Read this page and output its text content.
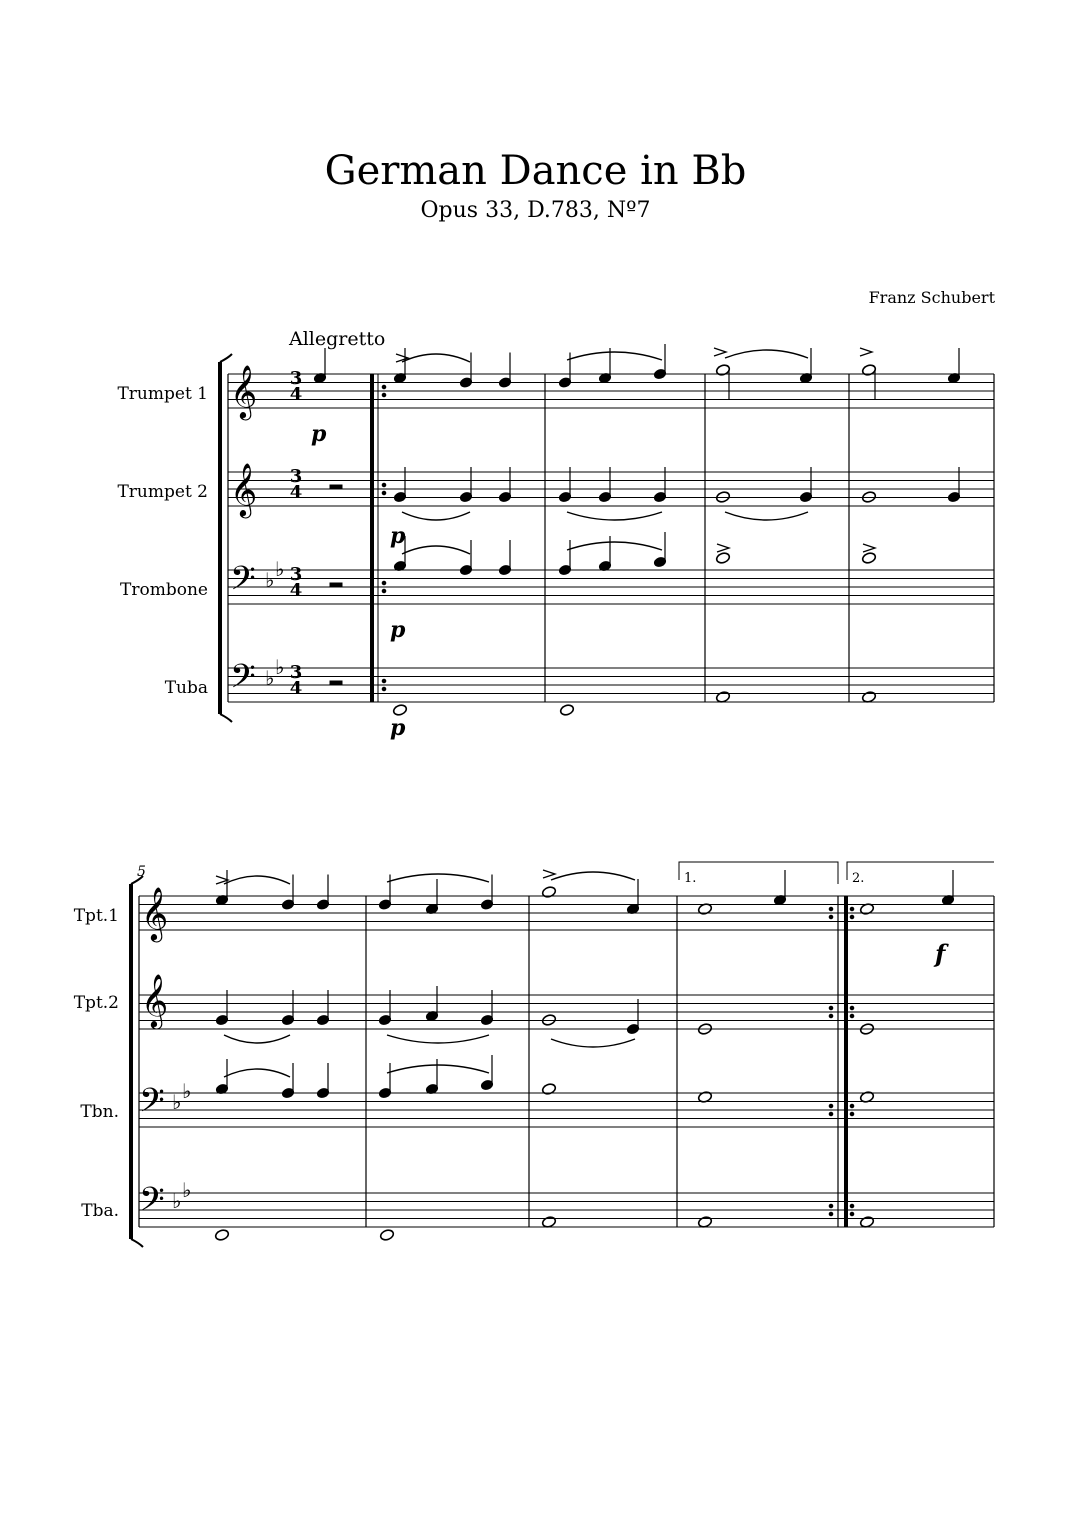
German Dance in Bb
Opus 33, D.783, Nº7
Franz Schubert
Allegretto
Trumpet 1
Trumpet 2
Trombone
Tuba
Tpt.1
Tpt.2
Tbn.
Tba.
5	1.	2.
p
p
p
p
f
𝄞
𝄞
𝄢
𝄢
𝄞
𝄞
𝄢
𝄢
♭ ♭
♭ ♭
♭ ♭
♭ ♭
3
4
3
4
3
4
3
4
